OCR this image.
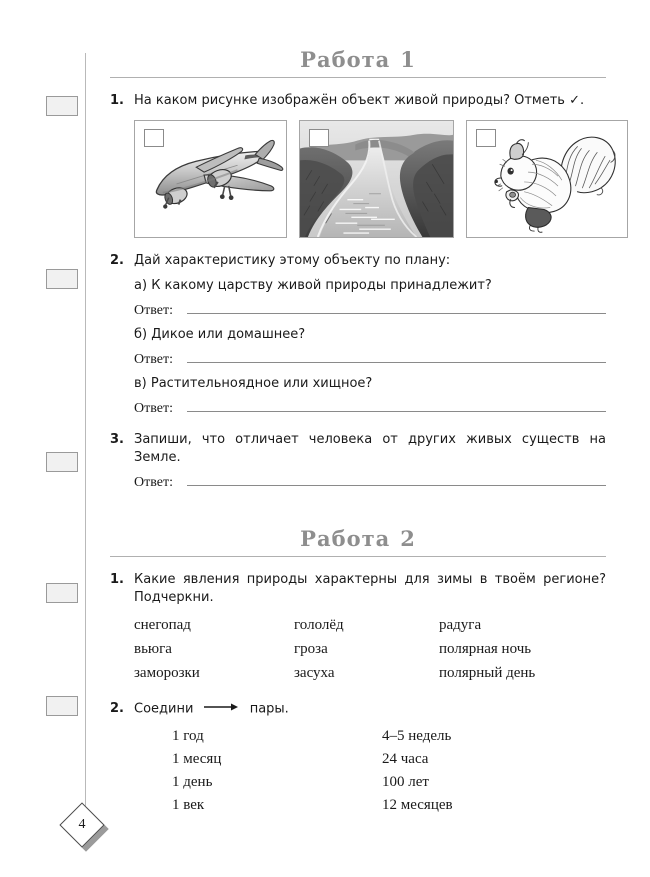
4
Работа 1
1. На каком рисунке изображён объект живой природы? Отметь ✓.
2. Дай характеристику этому объекту по плану:
а) К какому царству живой природы принадлежит?
Ответ:
б) Дикое или домашнее?
Ответ:
в) Растительноядное или хищное?
Ответ:
3. Запиши, что отличает человека от других живых существ на Земле.
Ответ:
Работа 2
1. Какие явления природы характерны для зимы в твоём регионе? Подчеркни.
снегопад	гололёд	радуга
вьюга	гроза	полярная ночь
заморозки	засуха	полярный день
2. Соедини	пары.
1 год	4–5 недель
1 месяц	24 часа
1 день	100 лет
1 век	12 месяцев
